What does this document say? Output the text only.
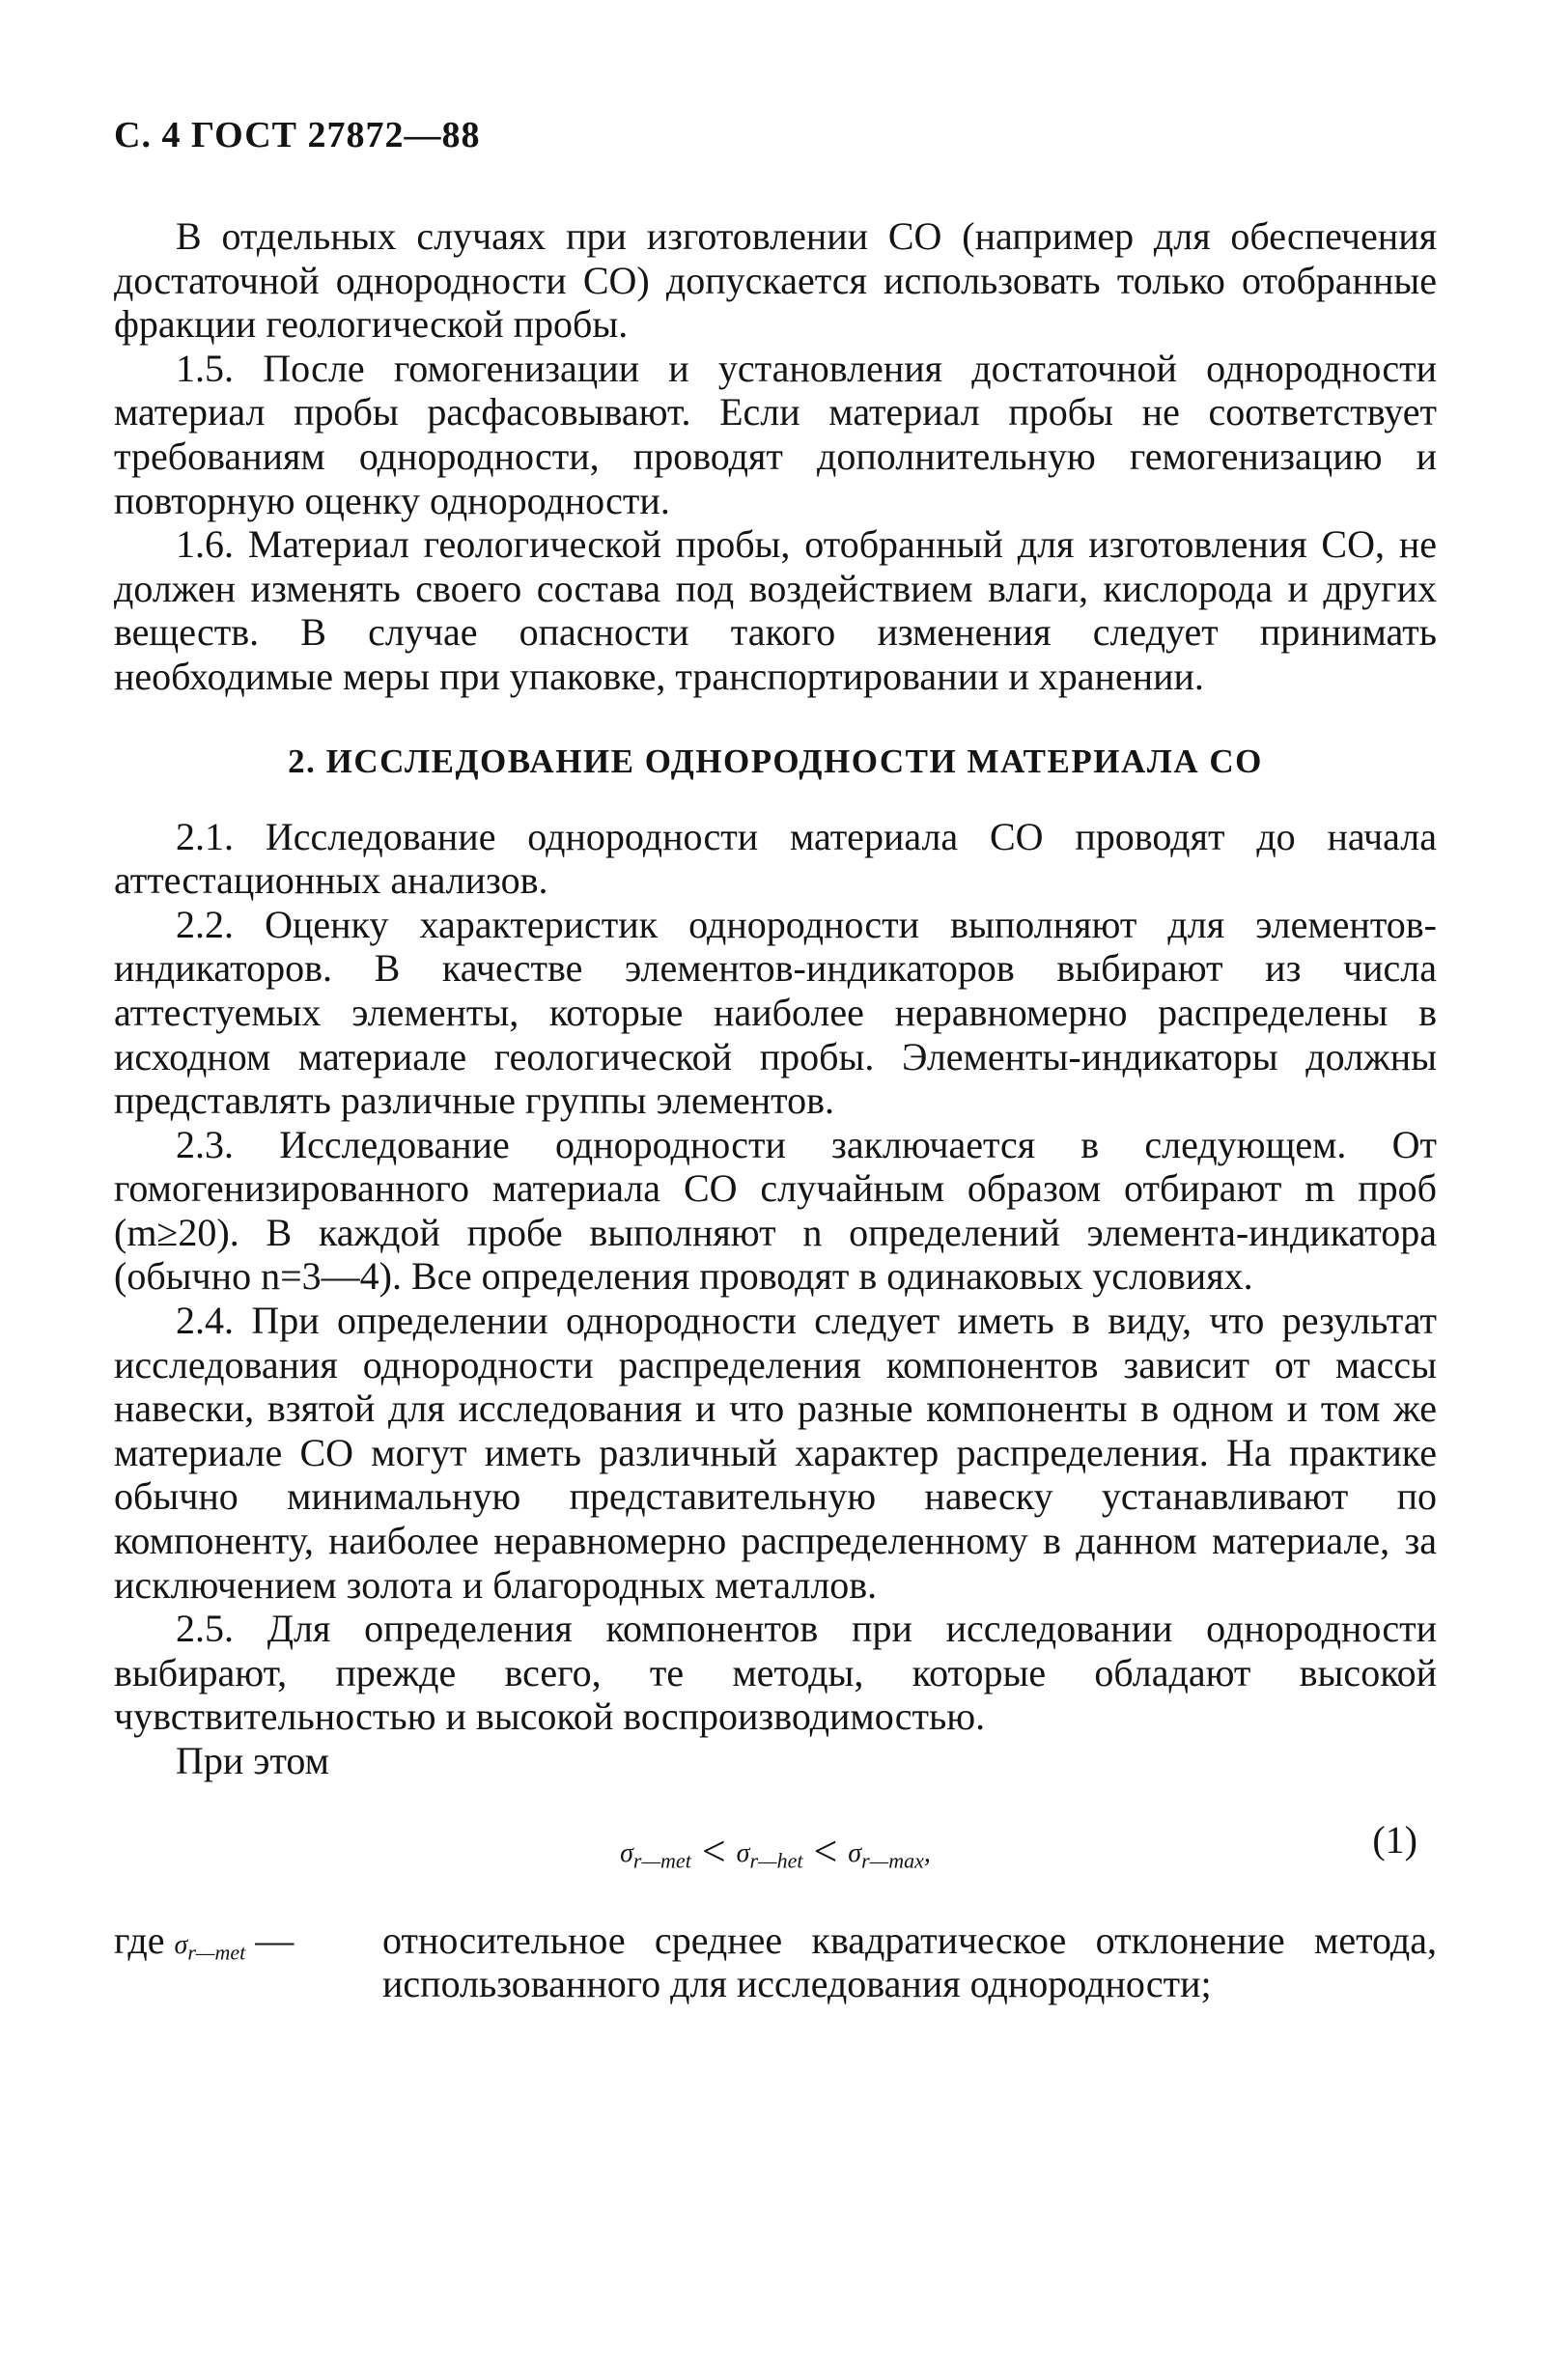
С. 4 ГОСТ 27872—88

В отдельных случаях при изготовлении СО (например для обеспечения достаточной однородности СО) допускается использовать только отобранные фракции геологической пробы.

1.5. После гомогенизации и установления достаточной однородности материал пробы расфасовывают. Если материал пробы не соответствует требованиям однородности, проводят дополнительную гемогенизацию и повторную оценку однородности.

1.6. Материал геологической пробы, отобранный для изготовления СО, не должен изменять своего состава под воздействием влаги, кислорода и других веществ. В случае опасности такого изменения следует принимать необходимые меры при упаковке, транспортировании и хранении.

2. ИССЛЕДОВАНИЕ ОДНОРОДНОСТИ МАТЕРИАЛА СО

2.1. Исследование однородности материала СО проводят до начала аттестационных анализов.

2.2. Оценку характеристик однородности выполняют для элементов-индикаторов. В качестве элементов-индикаторов выбирают из числа аттестуемых элементы, которые наиболее неравномерно распределены в исходном материале геологической пробы. Элементы-индикаторы должны представлять различные группы элементов.

2.3. Исследование однородности заключается в следующем. От гомогенизированного материала СО случайным образом отбирают m проб (m≥20). В каждой пробе выполняют n определений элемента-индикатора (обычно n=3—4). Все определения проводят в одинаковых условиях.

2.4. При определении однородности следует иметь в виду, что результат исследования однородности распределения компонентов зависит от массы навески, взятой для исследования и что разные компоненты в одном и том же материале СО могут иметь различный характер распределения. На практике обычно минимальную представительную навеску устанавливают по компоненту, наиболее неравномерно распределенному в данном материале, за исключением золота и благородных металлов.

2.5. Для определения компонентов при исследовании однородности выбирают, прежде всего, те методы, которые обладают высокой чувствительностью и высокой воспроизводимостью.

При этом

$\sigma_{r—met} < \sigma_{r—het} < \sigma_{r—max}$,	(1)
где $\sigma_{r—met}$ —	относительное среднее квадратическое отклонение метода, использованного для исследования однородности;
